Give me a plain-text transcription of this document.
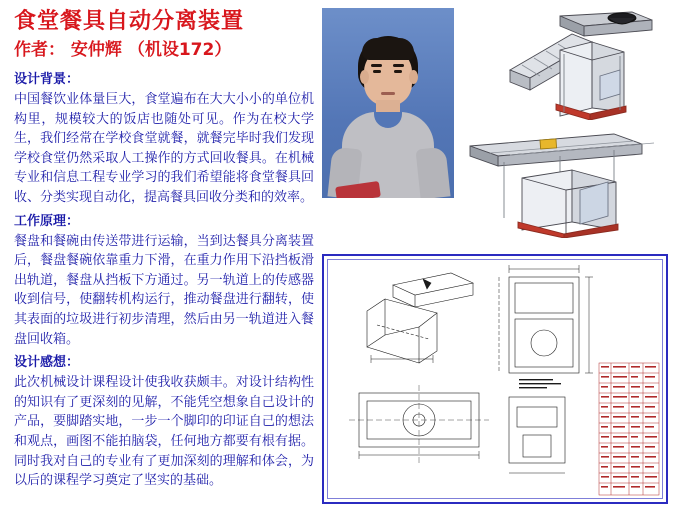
食堂餐具自动分离装置
作者： 安仲辉 （机设172）
设计背景：
中国餐饮业体量巨大，食堂遍布在大大小小的单位机构里，规模较大的饭店也随处可见。作为在校大学生，我们经常在学校食堂就餐，就餐完毕时我们发现学校食堂仍然采取人工操作的方式回收餐具。在机械专业和信息工程专业学习的我们希望能将食堂餐具回收、分类实现自动化，提高餐具回收分类和的效率。
工作原理：
餐盘和餐碗由传送带进行运输，当到达餐具分离装置后，餐盘餐碗依靠重力下滑，在重力作用下沿挡板滑出轨道，餐盘从挡板下方通过。另一轨道上的传感器收到信号，使翻转机构运行，推动餐盘进行翻转，使其表面的垃圾进行初步清理，然后由另一轨道进入餐盘回收箱。
设计感想：
此次机械设计课程设计使我收获颇丰。对设计结构性的知识有了更深刻的见解，不能凭空想象自己设计的产品，要脚踏实地，一步一个脚印的印证自己的想法和观点，画图不能拍脑袋，任何地方都要有根有据。同时我对自己的专业有了更加深刻的理解和体会，为以后的课程学习奠定了坚实的基础。
